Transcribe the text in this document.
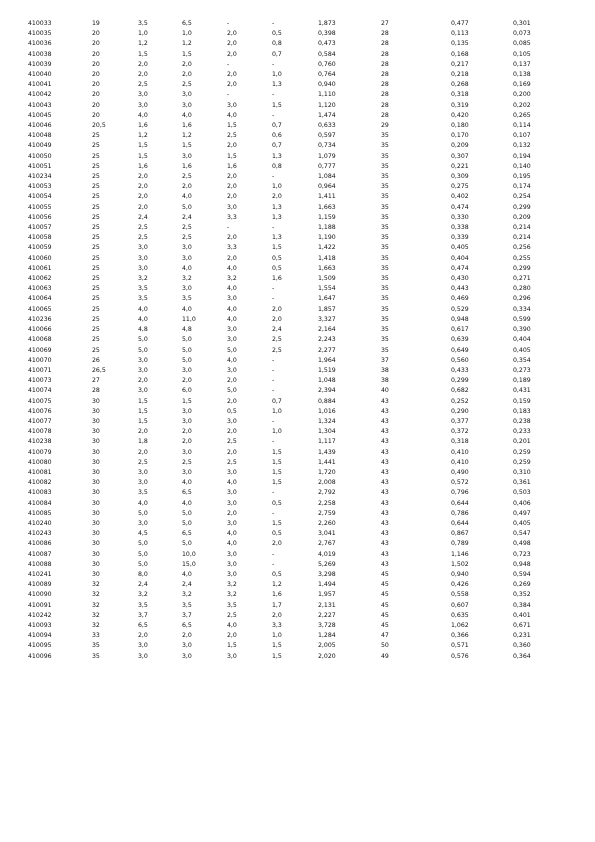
410033	19	3,5	6,5	-	-	1,873	27	0,477	0,301
410035	20	1,0	1,0	2,0	0,5	0,398	28	0,113	0,073
410036	20	1,2	1,2	2,0	0,8	0,473	28	0,135	0,085
410038	20	1,5	1,5	2,0	0,7	0,584	28	0,168	0,105
410039	20	2,0	2,0	-	-	0,760	28	0,217	0,137
410040	20	2,0	2,0	2,0	1,0	0,764	28	0,218	0,138
410041	20	2,5	2,5	2,0	1,3	0,940	28	0,268	0,169
410042	20	3,0	3,0	-	-	1,110	28	0,318	0,200
410043	20	3,0	3,0	3,0	1,5	1,120	28	0,319	0,202
410045	20	4,0	4,0	4,0	-	1,474	28	0,420	0,265
410046	20,5	1,6	1,6	1,5	0,7	0,633	29	0,180	0,114
410048	25	1,2	1,2	2,5	0,6	0,597	35	0,170	0,107
410049	25	1,5	1,5	2,0	0,7	0,734	35	0,209	0,132
410050	25	1,5	3,0	1,5	1,3	1,079	35	0,307	0,194
410051	25	1,6	1,6	1,6	0,8	0,777	35	0,221	0,140
410234	25	2,0	2,5	2,0	-	1,084	35	0,309	0,195
410053	25	2,0	2,0	2,0	1,0	0,964	35	0,275	0,174
410054	25	2,0	4,0	2,0	2,0	1,411	35	0,402	0,254
410055	25	2,0	5,0	3,0	1,3	1,663	35	0,474	0,299
410056	25	2,4	2,4	3,3	1,3	1,159	35	0,330	0,209
410057	25	2,5	2,5	-	-	1,188	35	0,338	0,214
410058	25	2,5	2,5	2,0	1,3	1,190	35	0,339	0,214
410059	25	3,0	3,0	3,3	1,5	1,422	35	0,405	0,256
410060	25	3,0	3,0	2,0	0,5	1,418	35	0,404	0,255
410061	25	3,0	4,0	4,0	0,5	1,663	35	0,474	0,299
410062	25	3,2	3,2	3,2	1,6	1,509	35	0,430	0,271
410063	25	3,5	3,0	4,0	-	1,554	35	0,443	0,280
410064	25	3,5	3,5	3,0	-	1,647	35	0,469	0,296
410065	25	4,0	4,0	4,0	2,0	1,857	35	0,529	0,334
410236	25	4,0	11,0	4,0	2,0	3,327	35	0,948	0,599
410066	25	4,8	4,8	3,0	2,4	2,164	35	0,617	0,390
410068	25	5,0	5,0	3,0	2,5	2,243	35	0,639	0,404
410069	25	5,0	5,0	5,0	2,5	2,277	35	0,649	0,405
410070	26	3,0	5,0	4,0	-	1,964	37	0,560	0,354
410071	26,5	3,0	3,0	3,0	-	1,519	38	0,433	0,273
410073	27	2,0	2,0	2,0	-	1,048	38	0,299	0,189
410074	28	3,0	6,0	5,0	-	2,394	40	0,682	0,431
410075	30	1,5	1,5	2,0	0,7	0,884	43	0,252	0,159
410076	30	1,5	3,0	0,5	1,0	1,016	43	0,290	0,183
410077	30	1,5	3,0	3,0	-	1,324	43	0,377	0,238
410078	30	2,0	2,0	2,0	1,0	1,304	43	0,372	0,233
410238	30	1,8	2,0	2,5	-	1,117	43	0,318	0,201
410079	30	2,0	3,0	2,0	1,5	1,439	43	0,410	0,259
410080	30	2,5	2,5	2,5	1,5	1,441	43	0,410	0,259
410081	30	3,0	3,0	3,0	1,5	1,720	43	0,490	0,310
410082	30	3,0	4,0	4,0	1,5	2,008	43	0,572	0,361
410083	30	3,5	6,5	3,0	-	2,792	43	0,796	0,503
410084	30	4,0	4,0	3,0	0,5	2,258	43	0,644	0,406
410085	30	5,0	5,0	2,0	-	2,759	43	0,786	0,497
410240	30	3,0	5,0	3,0	1,5	2,260	43	0,644	0,405
410243	30	4,5	6,5	4,0	0,5	3,041	43	0,867	0,547
410086	30	5,0	5,0	4,0	2,0	2,767	43	0,789	0,498
410087	30	5,0	10,0	3,0	-	4,019	43	1,146	0,723
410088	30	5,0	15,0	3,0	-	5,269	43	1,502	0,948
410241	30	8,0	4,0	3,0	0,5	3,298	45	0,940	0,594
410089	32	2,4	2,4	3,2	1,2	1,494	45	0,426	0,269
410090	32	3,2	3,2	3,2	1,6	1,957	45	0,558	0,352
410091	32	3,5	3,5	3,5	1,7	2,131	45	0,607	0,384
410242	32	3,7	3,7	2,5	2,0	2,227	45	0,635	0,401
410093	32	6,5	6,5	4,0	3,3	3,728	45	1,062	0,671
410094	33	2,0	2,0	2,0	1,0	1,284	47	0,366	0,231
410095	35	3,0	3,0	1,5	1,5	2,005	50	0,571	0,360
410096	35	3,0	3,0	3,0	1,5	2,020	49	0,576	0,364
